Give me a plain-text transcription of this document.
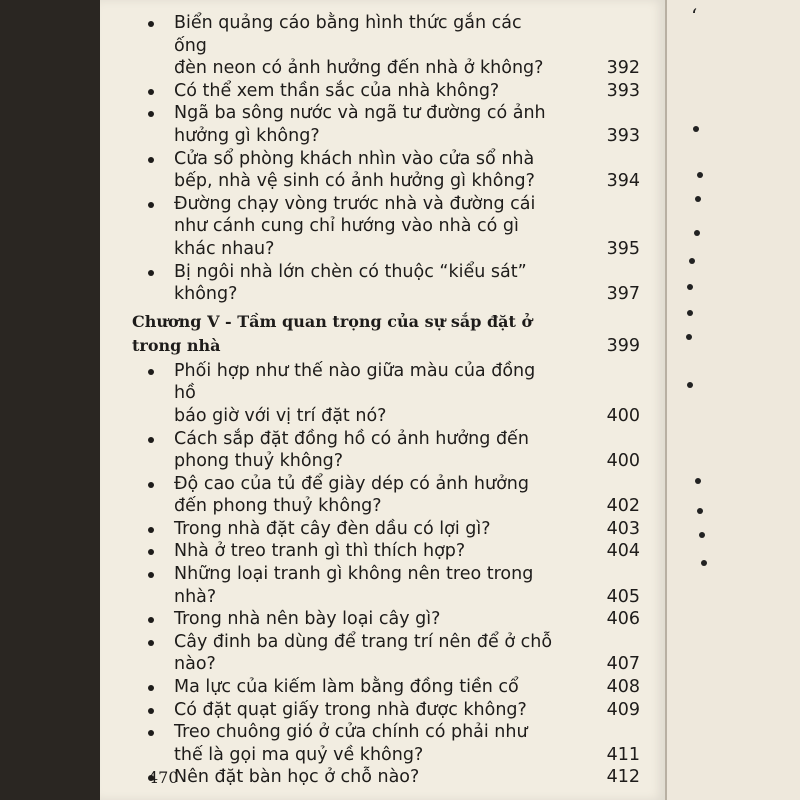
Biển quảng cáo bằng hình thức gắn các ống
đèn neon có ảnh hưởng đến nhà ở không?	392
Có thể xem thần sắc của nhà không?	393
Ngã ba sông nước và ngã tư đường có ảnh
hưởng gì không?	393
Cửa sổ phòng khách nhìn vào cửa sổ nhà
bếp, nhà vệ sinh có ảnh hưởng gì không?	394
Đường chạy vòng trước nhà và đường cái
như cánh cung chỉ hướng vào nhà có gì
khác nhau?	395
Bị ngôi nhà lớn chèn có thuộc “kiểu sát”
không?	397
Chương V - Tầm quan trọng của sự sắp đặt ở
trong nhà	399
Phối hợp như thế nào giữa màu của đồng hồ
báo giờ với vị trí đặt nó?	400
Cách sắp đặt đồng hồ có ảnh hưởng đến
phong thuỷ không?	400
Độ cao của tủ để giày dép có ảnh hưởng
đến phong thuỷ không?	402
Trong nhà đặt cây đèn dầu có lợi gì?	403
Nhà ở treo tranh gì thì thích hợp?	404
Những loại tranh gì không nên treo trong
nhà?	405
Trong nhà nên bày loại cây gì?	406
Cây đinh ba dùng để trang trí nên để ở chỗ
nào?	407
Ma lực của kiếm làm bằng đồng tiền cổ	408
Có đặt quạt giấy trong nhà được không?	409
Treo chuông gió ở cửa chính có phải như
thế là gọi ma quỷ về không?	411
Nên đặt bàn học ở chỗ nào?	412
470
‘
